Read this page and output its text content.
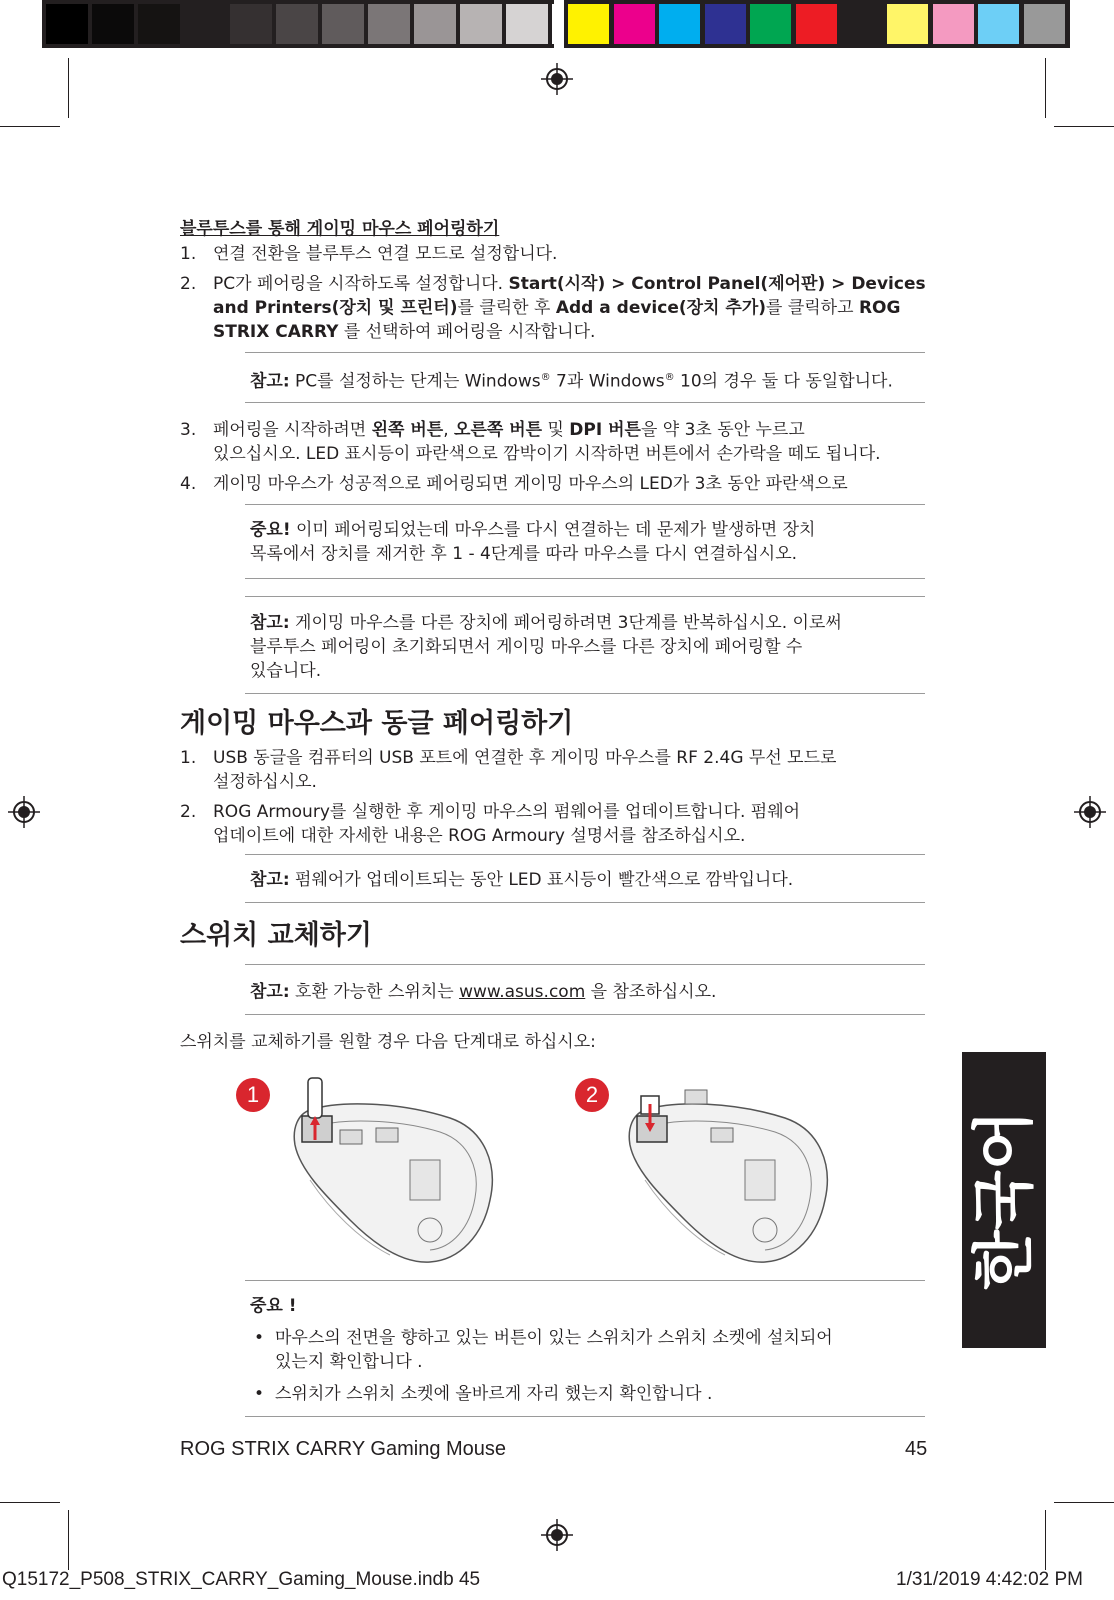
블루투스를 통해 게이밍 마우스 페어링하기
1. 연결 전환을 블루투스 연결 모드로 설정합니다.
2. PC가 페어링을 시작하도록 설정합니다. Start(시작) > Control Panel(제어판) > Devices
and Printers(장치 및 프린터)를 클릭한 후 Add a device(장치 추가)를 클릭하고 ROG
STRIX CARRY 를 선택하여 페어링을 시작합니다.
참고: PC를 설정하는 단계는 Windows® 7과 Windows® 10의 경우 둘 다 동일합니다.
3. 페어링을 시작하려면 왼쪽 버튼, 오른쪽 버튼 및 DPI 버튼을 약 3초 동안 누르고
있으십시오. LED 표시등이 파란색으로 깜박이기 시작하면 버튼에서 손가락을 떼도 됩니다.
4. 게이밍 마우스가 성공적으로 페어링되면 게이밍 마우스의 LED가 3초 동안 파란색으로
중요! 이미 페어링되었는데 마우스를 다시 연결하는 데 문제가 발생하면 장치
목록에서 장치를 제거한 후 1 - 4단계를 따라 마우스를 다시 연결하십시오.
참고: 게이밍 마우스를 다른 장치에 페어링하려면 3단계를 반복하십시오. 이로써
블루투스 페어링이 초기화되면서 게이밍 마우스를 다른 장치에 페어링할 수
있습니다.
게이밍 마우스과 동글 페어링하기
1. USB 동글을 컴퓨터의 USB 포트에 연결한 후 게이밍 마우스를 RF 2.4G 무선 모드로
설정하십시오.
2. ROG Armoury를 실행한 후 게이밍 마우스의 펌웨어를 업데이트합니다. 펌웨어
업데이트에 대한 자세한 내용은 ROG Armoury 설명서를 참조하십시오.
참고: 펌웨어가 업데이트되는 동안 LED 표시등이 빨간색으로 깜박입니다.
스위치 교체하기
참고: 호환 가능한 스위치는 www.asus.com 을 참조하십시오.
스위치를 교체하기를 원할 경우 다음 단계대로 하십시오:
1	2
중요 !
• 마우스의 전면을 향하고 있는 버튼이 있는 스위치가 스위치 소켓에 설치되어
있는지 확인합니다 .
• 스위치가 스위치 소켓에 올바르게 자리 했는지 확인합니다 .
한국어
ROG STRIX CARRY Gaming Mouse	45
Q15172_P508_STRIX_CARRY_Gaming_Mouse.indb 45	1/31/2019 4:42:02 PM
